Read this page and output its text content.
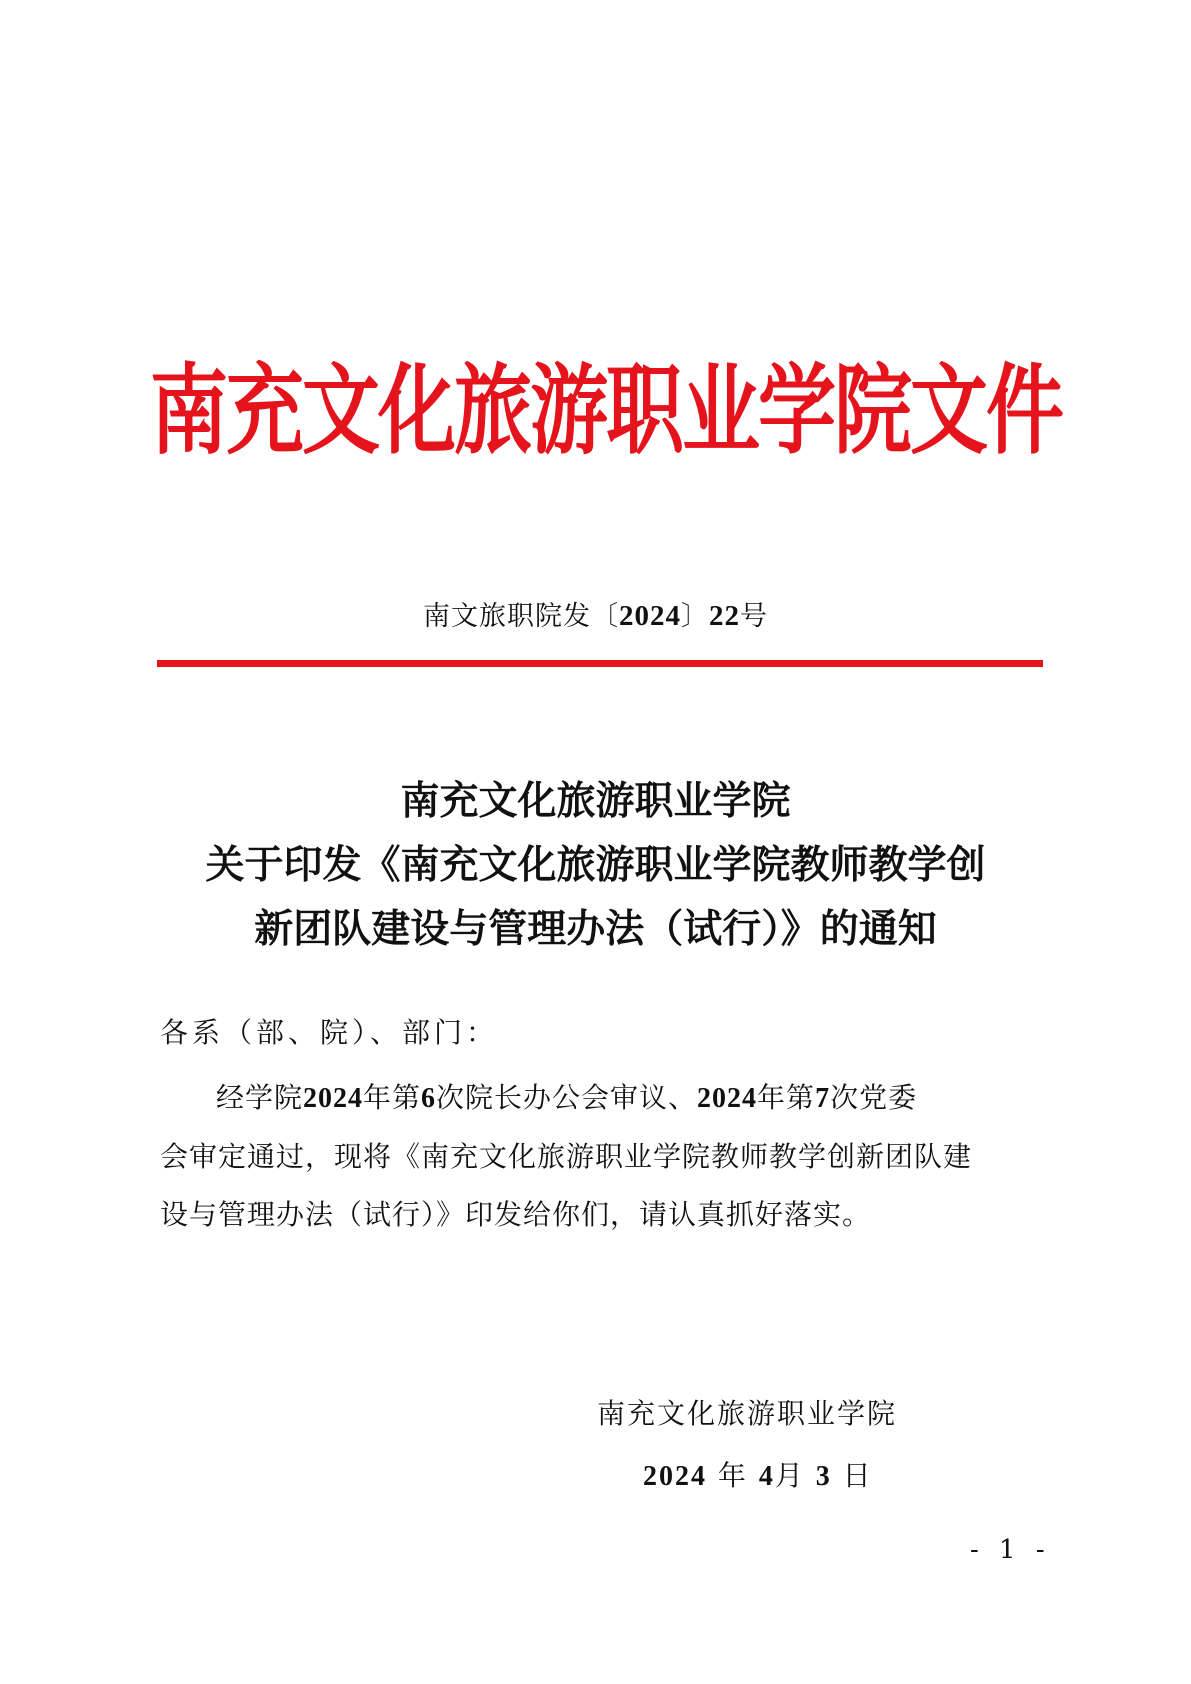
南充文化旅游职业学院文件
南文旅职院发〔2024〕22号
南充文化旅游职业学院
关于印发《南充文化旅游职业学院教师教学创
新团队建设与管理办法（试行）》的通知
各系（部、院）、部门：
经学院2024年第6次院长办公会审议、2024年第7次党委
会审定通过，现将《南充文化旅游职业学院教师教学创新团队建
设与管理办法（试行）》印发给你们，请认真抓好落实。
南充文化旅游职业学院
2024 年 4月 3 日
- 1 -
